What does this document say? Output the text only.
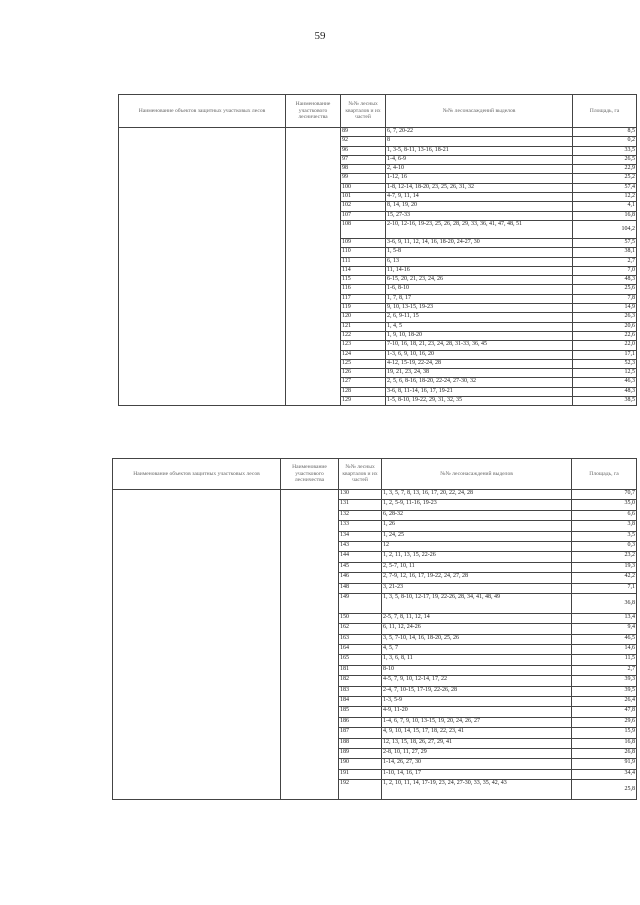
59
Наименование объектов защитных участковых лесов	Наименование участкового лесничества	№№ лесных кварталов и их частей	№№ лесонасаждений выделов	Площадь, га
		89	6, 7, 20-22	8,5
		92	8	0,2
		96	1, 3-5, 8-11, 13-16, 18-21	33,5
		97	1-4, 6-9	26,5
		98	2, 4-10	22,9
		99	1-12, 16	25,2
		100	1-8, 12-14, 18-20, 23, 25, 26, 31, 32	57,4
		101	4-7, 9, 11, 14	12,2
		102	8, 14, 19, 20	4,1
		107	15, 27-33	16,8
		108	2-10, 12-16, 19-23, 25, 26, 28, 29, 33, 36, 41, 47, 48, 51	104,2
		109	3-6, 9, 11, 12, 14, 16, 18-20, 24-27, 30	57,5
		110	1, 5-8	38,1
		111	6, 13	2,7
		114	11, 14-16	7,0
		115	6-15, 20, 21, 23, 24, 26	48,3
		116	1-6, 8-10	25,6
		117	1, 7, 8, 17	7,8
		119	9, 10, 13-15, 19-23	14,9
		120	2, 6, 9-11, 15	26,3
		121	1, 4, 5	20,6
		122	1, 9, 10, 18-20	22,6
		123	7-10, 16, 18, 21, 23, 24, 28, 31-33, 36, 45	22,0
		124	1-3, 6, 9, 10, 16, 20	17,1
		125	4-12, 15-19, 22-24, 28	52,3
		126	19, 21, 23, 24, 38	12,5
		127	2, 5, 6, 8-16, 18-20, 22-24, 27-30, 32	46,3
		128	3-6, 8, 11-14, 16, 17, 19-21	48,3
		129	1-5, 8-10, 19-22, 29, 31, 32, 35	38,5
Наименование объектов защитных участковых лесов	Наименование участкового лесничества	№№ лесных кварталов и их частей	№№ лесонасаждений выделов	Площадь, га
		130	1, 3, 5, 7, 8, 13, 16, 17, 20, 22, 24, 28	70,7
		131	1, 2, 5-9, 11-16, 19-23	35,0
		132	6, 28-32	6,6
		133	1, 26	3,8
		134	1, 24, 25	3,5
		143	12	0,3
		144	1, 2, 11, 13, 15, 22-26	23,2
		145	2, 5-7, 10, 11	19,3
		146	2, 7-9, 12, 16, 17, 19-22, 24, 27, 28	42,2
		148	3, 21-23	7,1
		149	1, 3, 5, 8-10, 12-17, 19, 22-26, 28, 34, 41, 48, 49	36,8
		150	2-5, 7, 8, 11, 12, 14	13,4
		162	6, 11, 12, 24-26	9,4
		163	3, 5, 7-10, 14, 16, 18-20, 25, 26	46,5
		164	4, 5, 7	14,6
		165	1, 3, 6, 8, 11	11,5
		181	8-10	2,7
		182	4-5, 7, 9, 10, 12-14, 17, 22	39,3
		183	2-4, 7, 10-15, 17-19, 22-26, 28	39,5
		184	1-3, 5-9	26,4
		185	4-9, 11-20	47,8
		186	1-4, 6, 7, 9, 10, 13-15, 19, 20, 24, 26, 27	29,6
		187	4, 9, 10, 14, 15, 17, 18, 22, 23, 41	15,9
		188	12, 13, 15, 18, 26, 27, 29, 41	16,8
		189	2-8, 10, 11, 27, 29	26,8
		190	1-14, 26, 27, 30	91,9
		191	1-10, 14, 16, 17	34,4
		192	1, 2, 10, 11, 14, 17-19, 23, 24, 27-30, 33, 35, 42, 43	25,8
